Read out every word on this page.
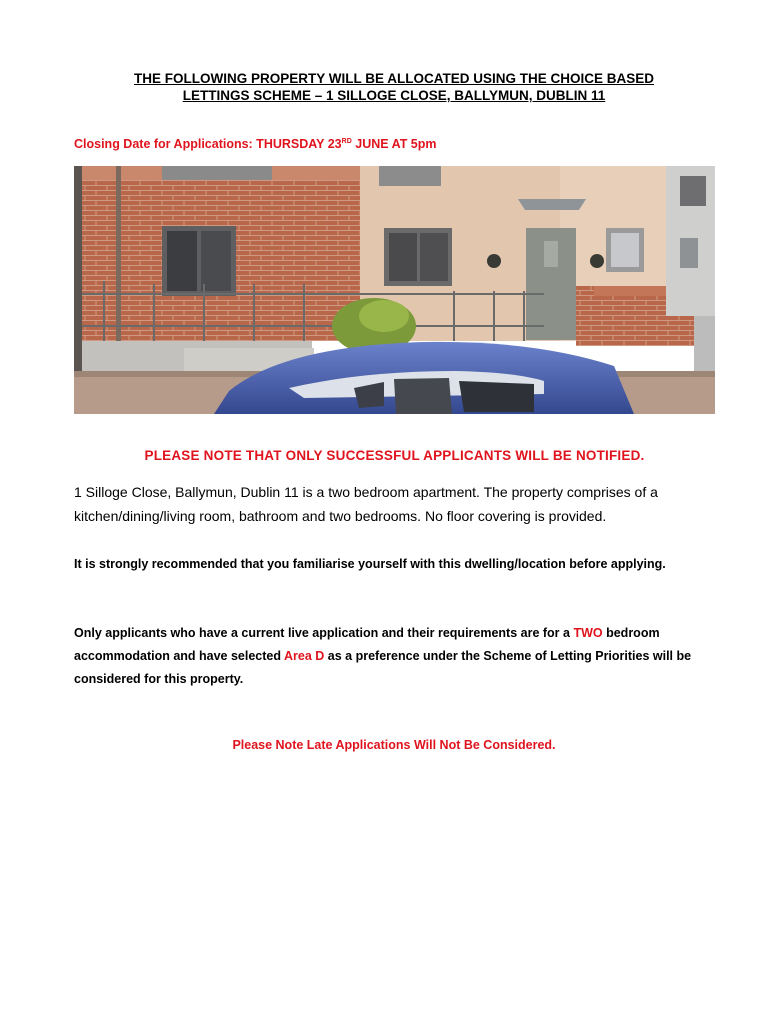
THE FOLLOWING PROPERTY WILL BE ALLOCATED USING THE CHOICE BASED
LETTINGS SCHEME – 1 SILLOGE CLOSE, BALLYMUN, DUBLIN 11
Closing Date for Applications: THURSDAY 23RD JUNE AT 5pm
PLEASE NOTE THAT ONLY SUCCESSFUL APPLICANTS WILL BE NOTIFIED.
1 Silloge Close, Ballymun, Dublin 11 is a two bedroom apartment. The property comprises of a kitchen/dining/living room, bathroom and two bedrooms. No floor covering is provided.
It is strongly recommended that you familiarise yourself with this dwelling/location before applying.
Only applicants who have a current live application and their requirements are for a TWO bedroom accommodation and have selected Area D as a preference under the Scheme of Letting Priorities will be considered for this property.
Please Note Late Applications Will Not Be Considered.
